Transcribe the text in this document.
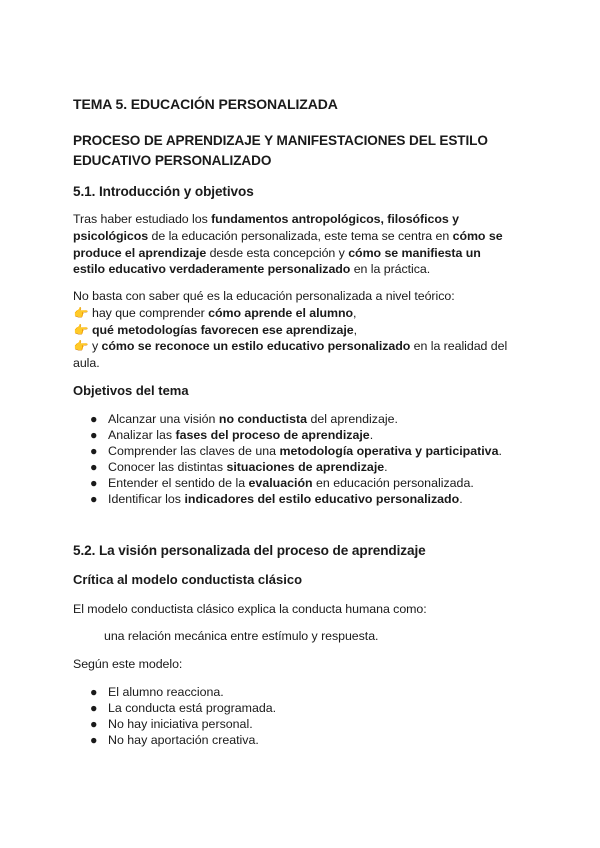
TEMA 5. EDUCACIÓN PERSONALIZADA
PROCESO DE APRENDIZAJE Y MANIFESTACIONES DEL ESTILO
EDUCATIVO PERSONALIZADO
5.1. Introducción y objetivos
Tras haber estudiado los fundamentos antropológicos, filosóficos y psicológicos de la educación personalizada, este tema se centra en cómo se produce el aprendizaje desde esta concepción y cómo se manifiesta un estilo educativo verdaderamente personalizado en la práctica.
No basta con saber qué es la educación personalizada a nivel teórico:
👉 hay que comprender cómo aprende el alumno,
👉 qué metodologías favorecen ese aprendizaje,
👉 y cómo se reconoce un estilo educativo personalizado en la realidad del aula.
Objetivos del tema
● Alcanzar una visión no conductista del aprendizaje.
● Analizar las fases del proceso de aprendizaje.
● Comprender las claves de una metodología operativa y participativa.
● Conocer las distintas situaciones de aprendizaje.
● Entender el sentido de la evaluación en educación personalizada.
● Identificar los indicadores del estilo educativo personalizado.
5.2. La visión personalizada del proceso de aprendizaje
Crítica al modelo conductista clásico
El modelo conductista clásico explica la conducta humana como:
una relación mecánica entre estímulo y respuesta.
Según este modelo:
● El alumno reacciona.
● La conducta está programada.
● No hay iniciativa personal.
● No hay aportación creativa.
